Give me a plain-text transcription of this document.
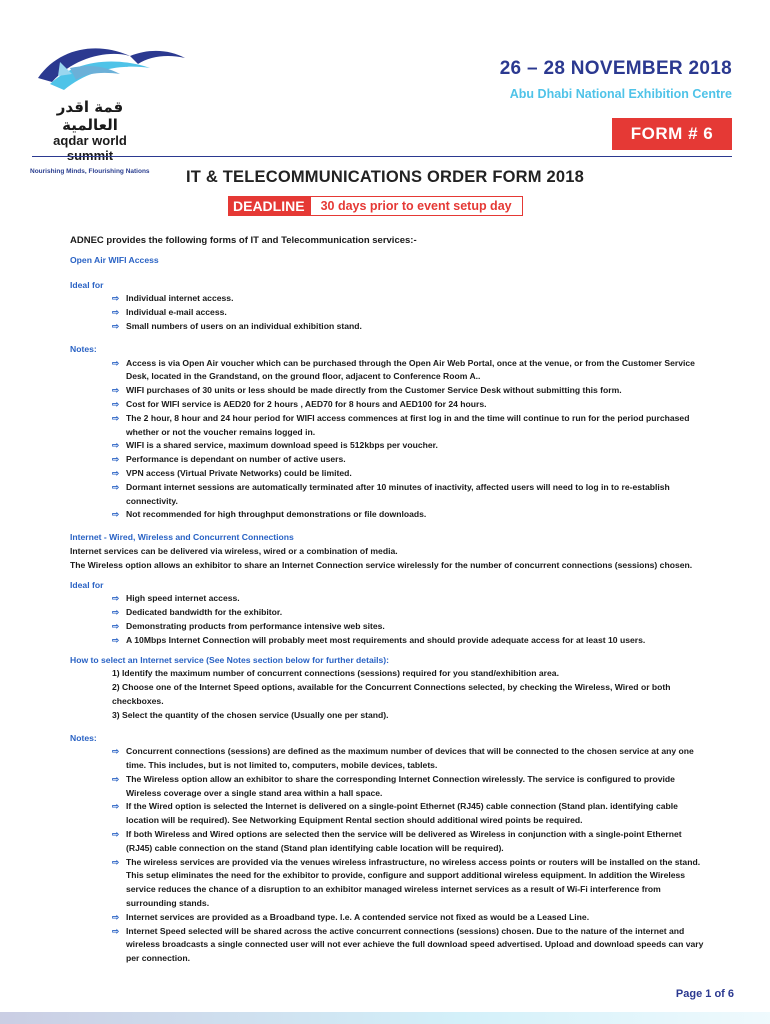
قمة اقدر العالمية
aqdar world summit
Nourishing Minds, Flourishing Nations
26 – 28 NOVEMBER 2018
Abu Dhabi National Exhibition Centre
FORM # 6
IT & TELECOMMUNICATIONS ORDER FORM 2018
DEADLINE	30 days prior to event setup day

ADNEC provides the following forms of IT and Telecommunication services:-

Open Air WIFI Access

Ideal for

⇨ Individual internet access.
⇨ Individual e-mail access.
⇨ Small numbers of users on an individual exhibition stand.

Notes:

⇨ Access is via Open Air voucher which can be purchased through the Open Air Web Portal, once at the venue, or from the Customer Service Desk, located in the Grandstand, on the ground floor, adjacent to Conference Room A..
⇨ WIFI purchases of 30 units or less should be made directly from the Customer Service Desk without submitting this form.
⇨ Cost for WIFI service is AED20 for 2 hours , AED70 for 8 hours and AED100 for 24 hours.
⇨ The 2 hour, 8 hour and 24 hour period for WIFI access commences at first log in and the time will continue to run for the period purchased whether or not the voucher remains logged in.
⇨ WIFI is a shared service, maximum download speed is 512kbps per voucher.
⇨ Performance is dependant on number of active users.
⇨ VPN access (Virtual Private Networks) could be limited.
⇨ Dormant internet sessions are automatically terminated after 10 minutes of inactivity, affected users will need to log in to re-establish connectivity.
⇨ Not recommended for high throughput demonstrations or file downloads.

Internet - Wired, Wireless and Concurrent Connections

Internet services can be delivered via wireless, wired or a combination of media.

The Wireless option allows an exhibitor to share an Internet Connection service wirelessly for the number of concurrent connections (sessions) chosen.

Ideal for

⇨ High speed internet access.
⇨ Dedicated bandwidth for the exhibitor.
⇨ Demonstrating products from performance intensive web sites.
⇨ A 10Mbps Internet Connection will probably meet most requirements and should provide adequate access for at least 10 users.

How to select an Internet service (See Notes section below for further details):

1) Identify the maximum number of concurrent connections (sessions) required for you stand/exhibition area.

2) Choose one of the Internet Speed options, available for the Concurrent Connections selected, by checking the Wireless, Wired or both checkboxes.

3) Select the quantity of the chosen service (Usually one per stand).

Notes:

⇨ Concurrent connections (sessions) are defined as the maximum number of devices that will be connected to the chosen service at any one time. This includes, but is not limited to, computers, mobile devices, tablets.
⇨ The Wireless option allow an exhibitor to share the corresponding Internet Connection wirelessly. The service is configured to provide Wireless coverage over a single stand area within a hall space.
⇨ If the Wired option is selected the Internet is delivered on a single-point Ethernet (RJ45) cable connection (Stand plan. identifying cable location will be required). See Networking Equipment Rental section should additional wired points be required.
⇨ If both Wireless and Wired options are selected then the service will be delivered as Wireless in conjunction with a single-point Ethernet (RJ45) cable connection on the stand (Stand plan identifying cable location will be required).
⇨ The wireless services are provided via the venues wireless infrastructure, no wireless access points or routers will be installed on the stand. This setup eliminates the need for the exhibitor to provide, configure and support additional wireless equipment. In addition the Wireless service reduces the chance of a disruption to an exhibitor managed wireless internet services as a result of Wi-Fi interference from surrounding stands.
⇨ Internet services are provided as a Broadband type. I.e. A contended service not fixed as would be a Leased Line.
⇨ Internet Speed selected will be shared across the active concurrent connections (sessions) chosen. Due to the nature of the internet and wireless broadcasts a single connected user will not ever achieve the full download speed advertised. Upload and download speeds can vary per connection.
Page 1 of 6
